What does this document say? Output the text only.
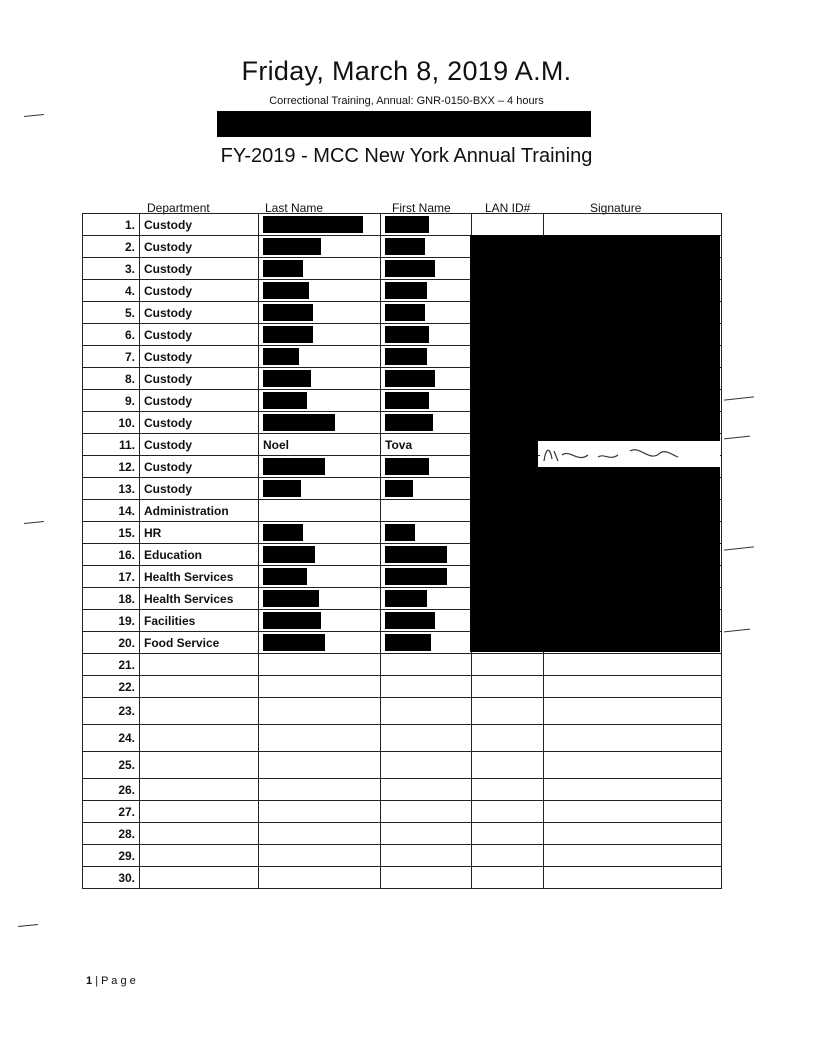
Friday, March 8, 2019 A.M.
Correctional Training, Annual: GNR-0150-BXX – 4 hours
FY-2019 - MCC New York Annual Training
Department	Last Name	First Name	LAN ID#	Signature
1.	Custody				
2.	Custody				
3.	Custody				
4.	Custody				
5.	Custody				
6.	Custody				
7.	Custody				
8.	Custody				
9.	Custody				
10.	Custody				
11.	Custody	Noel	Tova		
12.	Custody				
13.	Custody				
14.	Administration				
15.	HR				
16.	Education				
17.	Health Services				
18.	Health Services				
19.	Facilities				
20.	Food Service				
21.					
22.					
23.					
24.					
25.					
26.					
27.					
28.					
29.					
30.					
1 | P a g e
